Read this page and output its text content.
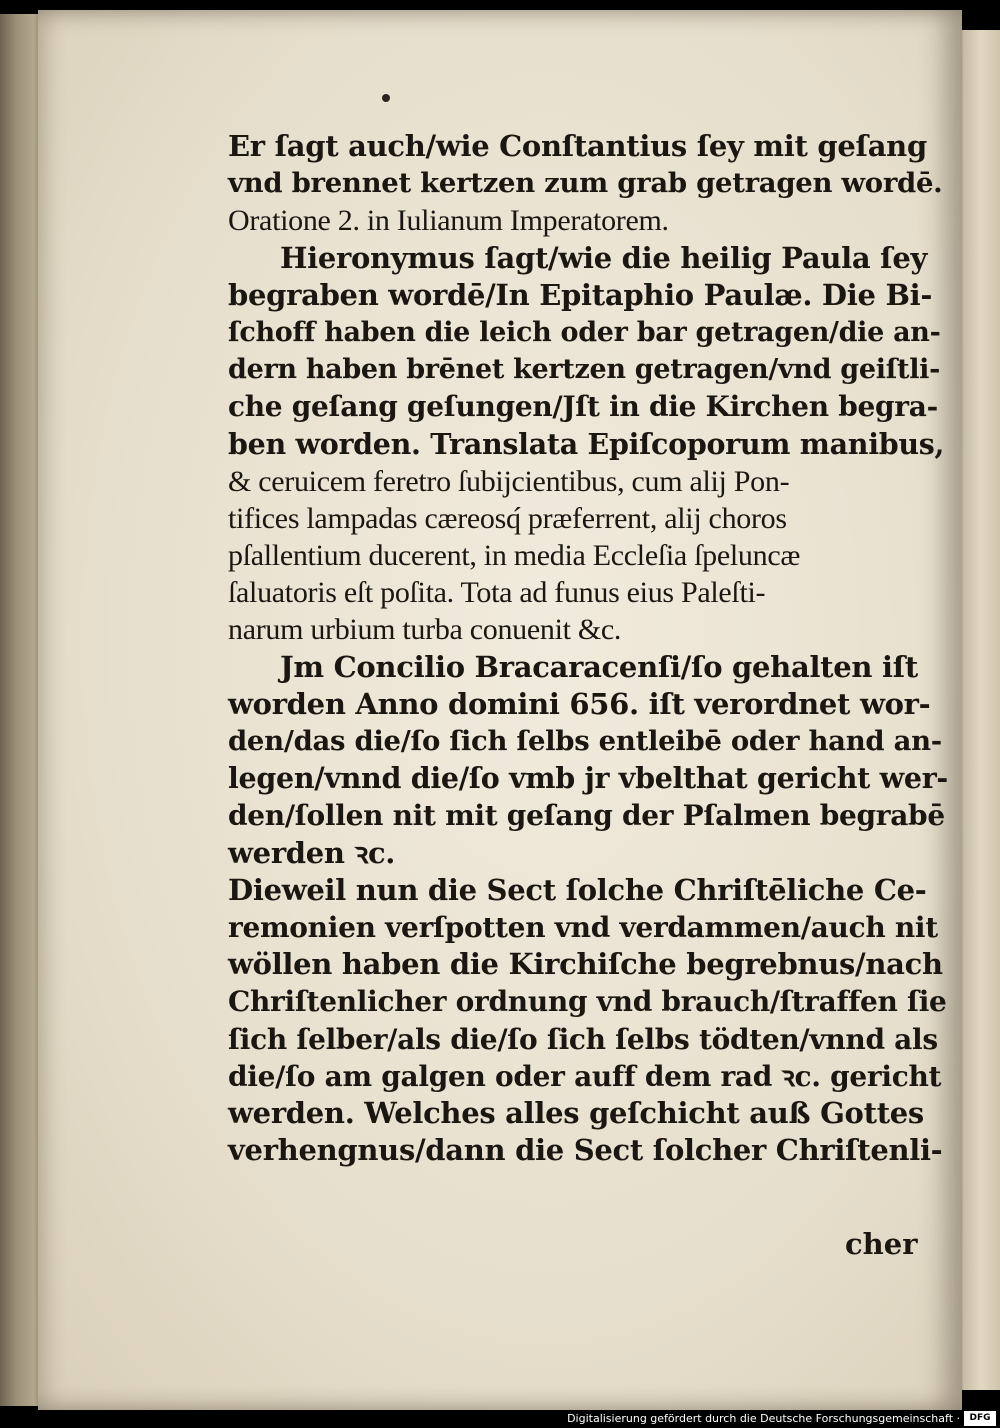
Er ſagt auch/wie Conſtantius ſey mit geſang
vnd brennet kertzen zum grab getragen wordē.
Oratione 2. in Iulianum Imperatorem.
Hieronymus ſagt/wie die heilig Paula ſey
begraben wordē/In Epitaphio Paulæ. Die Bi-
ſchoff haben die leich oder bar getragen/die an-
dern haben brēnet kertzen getragen/vnd geiſtli-
che geſang geſungen/Jſt in die Kirchen begra-
ben worden. Translata Epiſcoporum manibus,
& ceruicem feretro ſubijcientibus, cum alij Pon-
tifices lampadas cæreosq́ præferrent, alij choros
pſallentium ducerent, in media Eccleſia ſpeluncæ
ſaluatoris eſt poſita. Tota ad funus eius Paleſti-
narum urbium turba conuenit &c.
Jm Concilio Bracaracenſi/ſo gehalten iſt
worden Anno domini 656. iſt verordnet wor-
den/das die/ſo ſich ſelbs entleibē oder hand an-
legen/vnnd die/ſo vmb jr vbelthat gericht wer-
den/ſollen nit mit geſang der Pſalmen begrabē
werden ꝛc.
Dieweil nun die Sect ſolche Chriſtēliche Ce-
remonien verſpotten vnd verdammen/auch nit
wöllen haben die Kirchiſche begrebnus/nach
Chriſtenlicher ordnung vnd brauch/ſtraffen ſie
ſich ſelber/als die/ſo ſich ſelbs tödten/vnnd als
die/ſo am galgen oder auff dem rad ꝛc. gericht
werden. Welches alles geſchicht auß Gottes
verhengnus/dann die Sect ſolcher Chriſtenli-
cher
Digitalisierung gefördert durch die Deutsche Forschungsgemeinschaft ·	DFG
